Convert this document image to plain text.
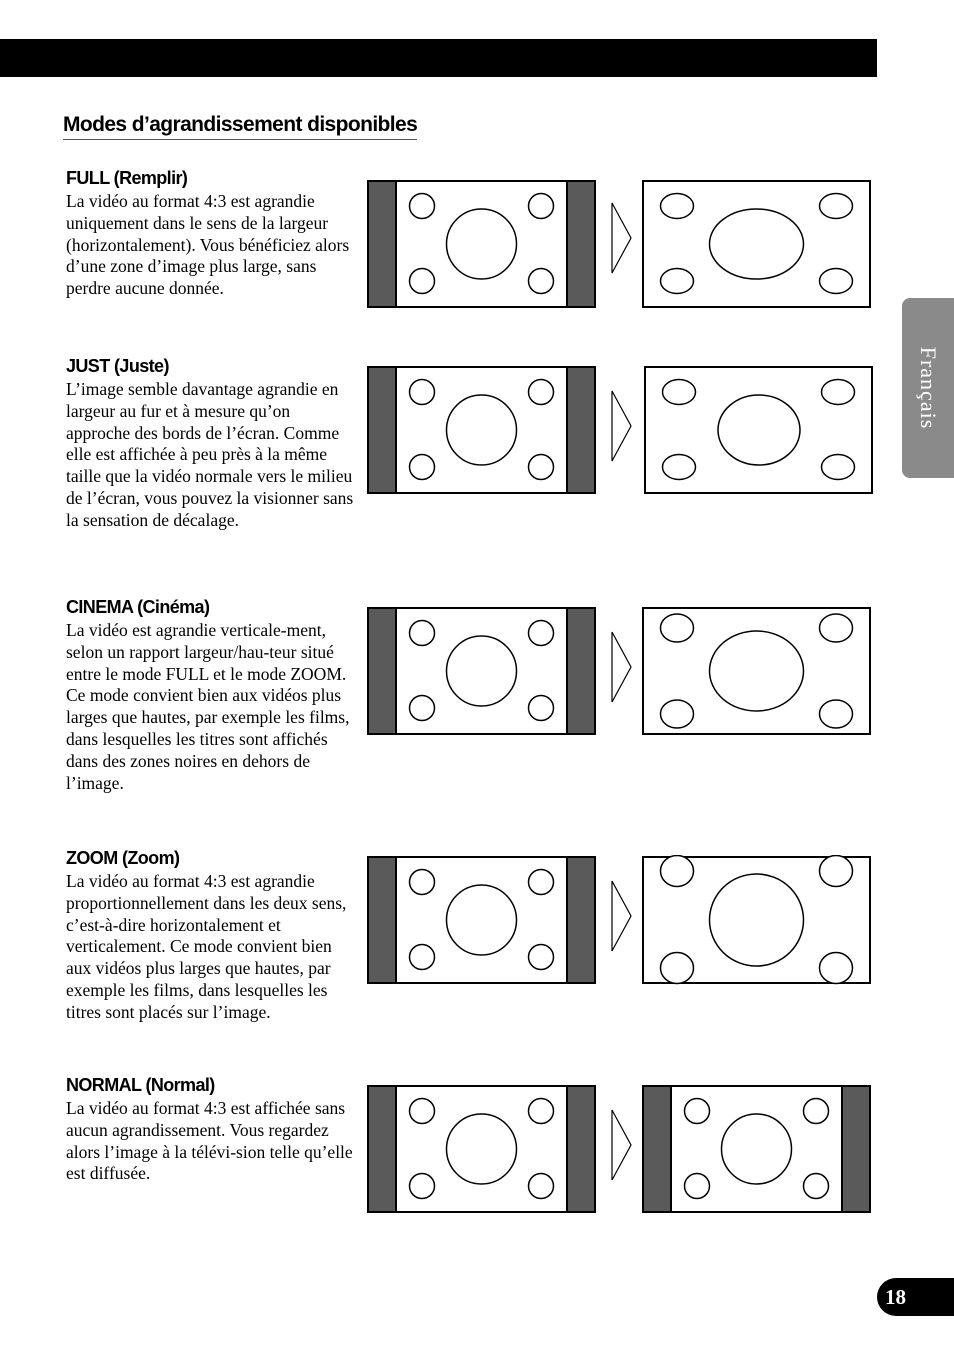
Modes d’agrandissement disponibles
FULL (Remplir)

La vidéo au format 4:3 est agrandie uniquement dans le sens de la largeur (horizontalement). Vous bénéficiez alors d’une zone d’image plus large, sans perdre aucune donnée.

JUST (Juste)

L’image semble davantage agrandie en largeur au fur et à mesure qu’on approche des bords de l’écran. Comme elle est affichée à peu près à la même taille que la vidéo normale vers le milieu de l’écran, vous pouvez la visionner sans la sensation de décalage.

CINEMA (Cinéma)

La vidéo est agrandie verticale-ment, selon un rapport largeur/hau-teur situé entre le mode FULL et le mode ZOOM. Ce mode convient bien aux vidéos plus larges que hautes, par exemple les films, dans lesquelles les titres sont affichés dans des zones noires en dehors de l’image.

ZOOM (Zoom)

La vidéo au format 4:3 est agrandie proportionnellement dans les deux sens, c’est-à-dire horizontalement et verticalement. Ce mode convient bien aux vidéos plus larges que hautes, par exemple les films, dans lesquelles les titres sont placés sur l’image.

NORMAL (Normal)

La vidéo au format 4:3 est affichée sans aucun agrandissement. Vous regardez alors l’image à la télévi-sion telle qu’elle est diffusée.

Français
18
